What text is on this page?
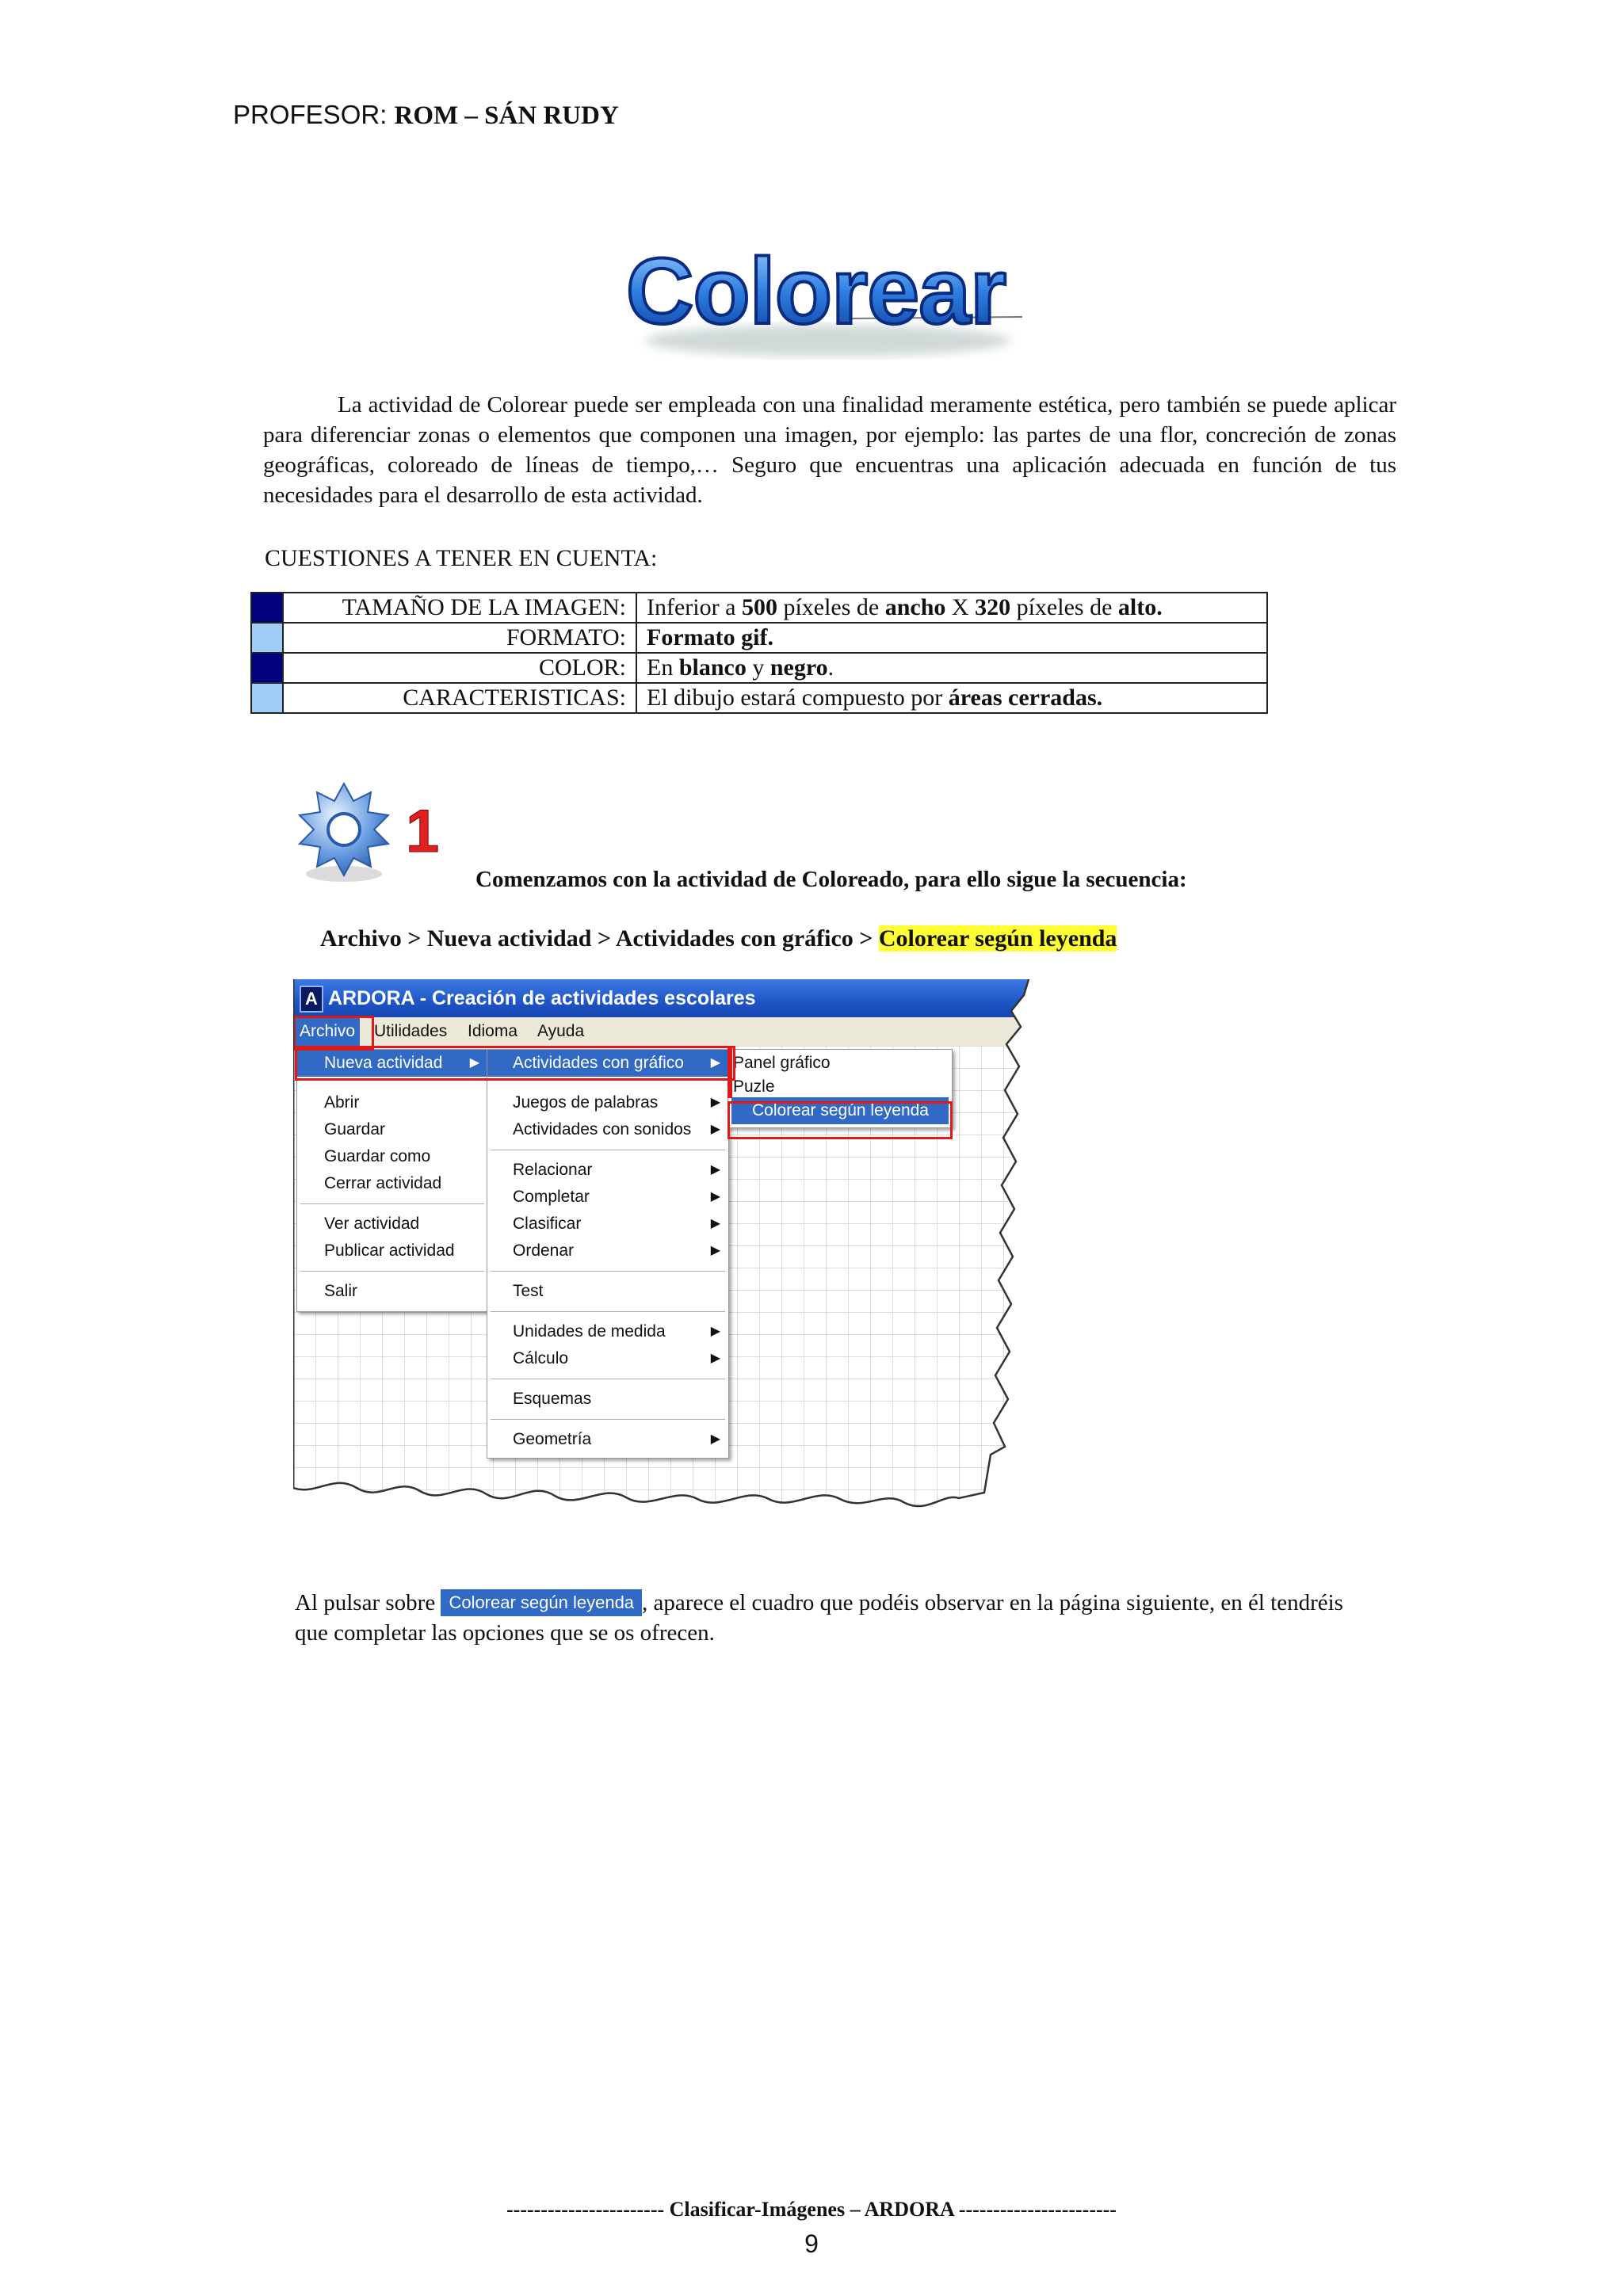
PROFESOR: ROM – SÁN RUDY
Colorear
La actividad de Colorear puede ser empleada con una finalidad meramente estética, pero también se puede aplicar para diferenciar zonas o elementos que componen una imagen, por ejemplo: las partes de una flor, concreción de zonas geográficas, coloreado de líneas de tiempo,… Seguro que encuentras una aplicación adecuada en función de tus necesidades para el desarrollo de esta actividad.
CUESTIONES A TENER EN CUENTA:
	TAMAÑO DE LA IMAGEN:	Inferior a 500 píxeles de ancho X 320 píxeles de alto.
	FORMATO:	Formato gif.
	COLOR:	En blanco y negro.
	CARACTERISTICAS:	El dibujo estará compuesto por áreas cerradas.
1
Comenzamos con la actividad de Coloreado, para ello sigue la secuencia:
Archivo > Nueva actividad > Actividades con gráfico > Colorear según leyenda
A ARDORA - Creación de actividades escolares
Archivo Utilidades Idioma Ayuda
Nueva actividad ▶
Abrir
Guardar
Guardar como
Cerrar actividad
Ver actividad
Publicar actividad
Salir
Actividades con gráfico ▶
Juegos de palabras	▶
Actividades con sonidos ▶
Relacionar	▶
Completar	▶
Clasificar	▶
Ordenar	▶
Test
Unidades de medida	▶
Cálculo	▶
Esquemas
Geometría	▶
Panel gráfico
Puzle
Colorear según leyenda
Al pulsar sobre Colorear según leyenda , aparece el cuadro que podéis observar en la página siguiente, en él tendréis que completar las opciones que se os ofrecen.
----------------------- Clasificar-Imágenes – ARDORA -----------------------
9
